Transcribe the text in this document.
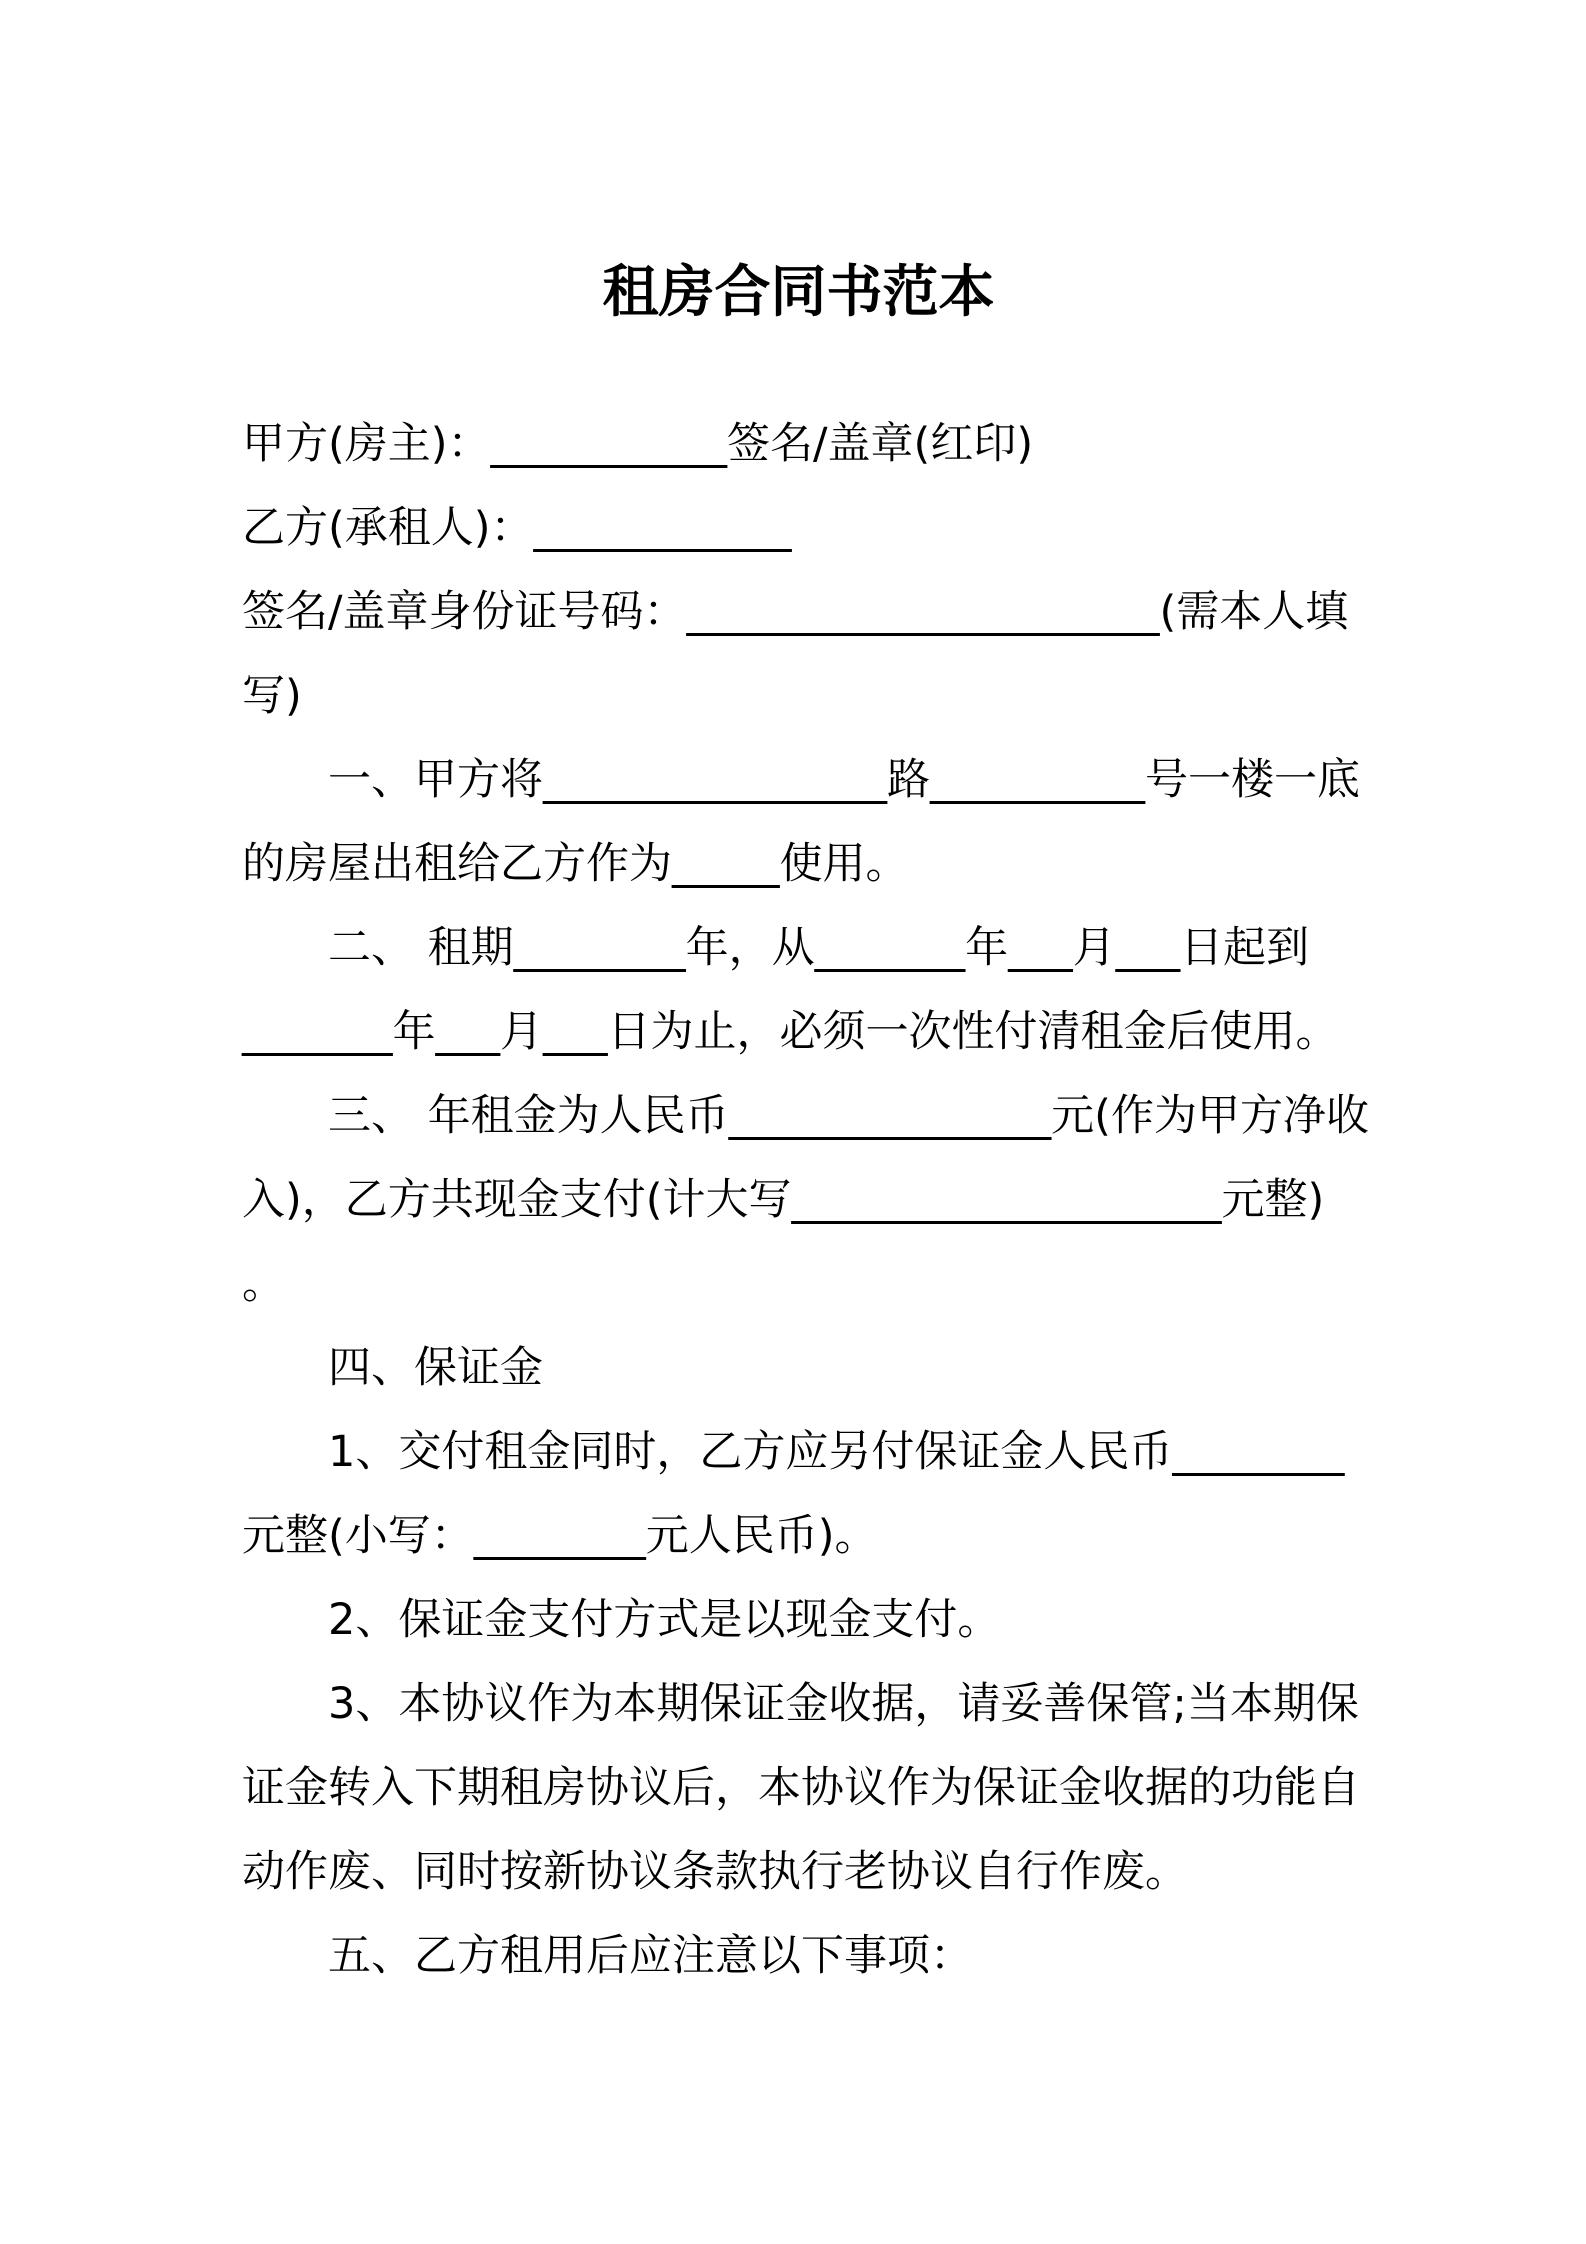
租房合同书范本
甲方(房主)：___________签名/盖章(红印)
乙方(承租人)：____________
签名/盖章身份证号码：______________________(需本人填
写)
一、甲方将________________路__________号一楼一底
的房屋出租给乙方作为_____使用。
二、 租期________年，从_______年___月___日起到
_______年___月___日为止，必须一次性付清租金后使用。
三、 年租金为人民币_______________元(作为甲方净收
入)，乙方共现金支付(计大写____________________元整)
。
四、保证金
1、交付租金同时，乙方应另付保证金人民币________
元整(小写：________元人民币)。
2、保证金支付方式是以现金支付。
3、本协议作为本期保证金收据，请妥善保管;当本期保
证金转入下期租房协议后，本协议作为保证金收据的功能自
动作废、同时按新协议条款执行老协议自行作废。
五、乙方租用后应注意以下事项：
